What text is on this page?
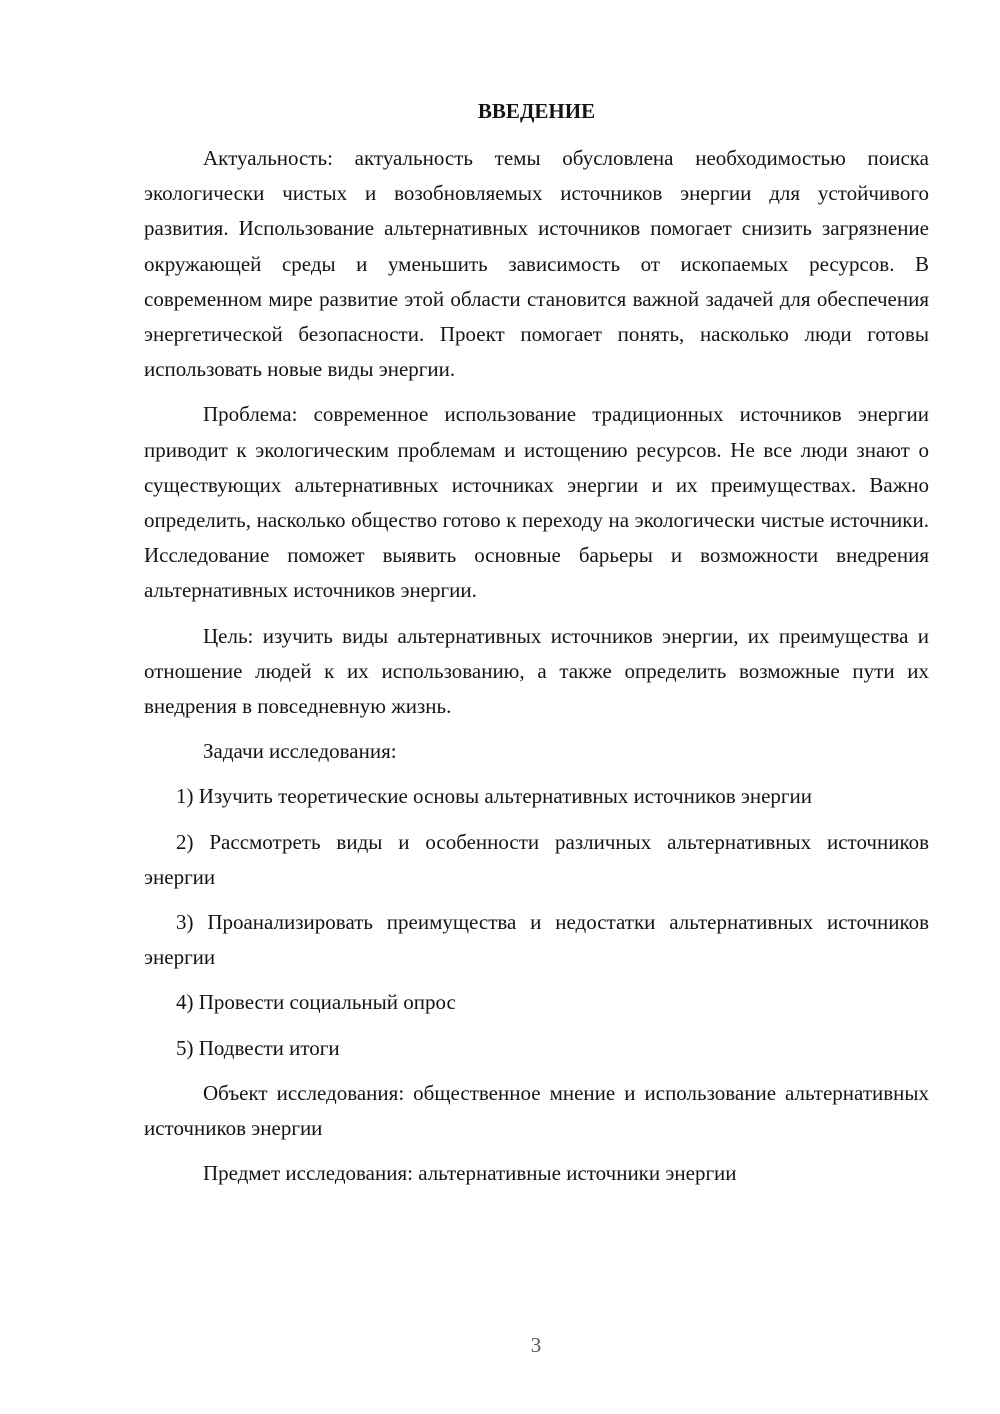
ВВЕДЕНИЕ

Актуальность: актуальность темы обусловлена необходимостью поиска экологически чистых и возобновляемых источников энергии для устойчивого развития. Использование альтернативных источников помогает снизить загрязнение окружающей среды и уменьшить зависимость от ископаемых ресурсов. В современном мире развитие этой области становится важной задачей для обеспечения энергетической безопасности. Проект помогает понять, насколько люди готовы использовать новые виды энергии.

Проблема: современное использование традиционных источников энергии приводит к экологическим проблемам и истощению ресурсов. Не все люди знают о существующих альтернативных источниках энергии и их преимуществах. Важно определить, насколько общество готово к переходу на экологически чистые источники. Исследование поможет выявить основные барьеры и возможности внедрения альтернативных источников энергии.

Цель: изучить виды альтернативных источников энергии, их преимущества и отношение людей к их использованию, а также определить возможные пути их внедрения в повседневную жизнь.

Задачи исследования:

1) Изучить теоретические основы альтернативных источников энергии

2) Рассмотреть виды и особенности различных альтернативных источников энергии

3) Проанализировать преимущества и недостатки альтернативных источников энергии

4) Провести социальный опрос

5) Подвести итоги

Объект исследования: общественное мнение и использование альтернативных источников энергии

Предмет исследования: альтернативные источники энергии

3
